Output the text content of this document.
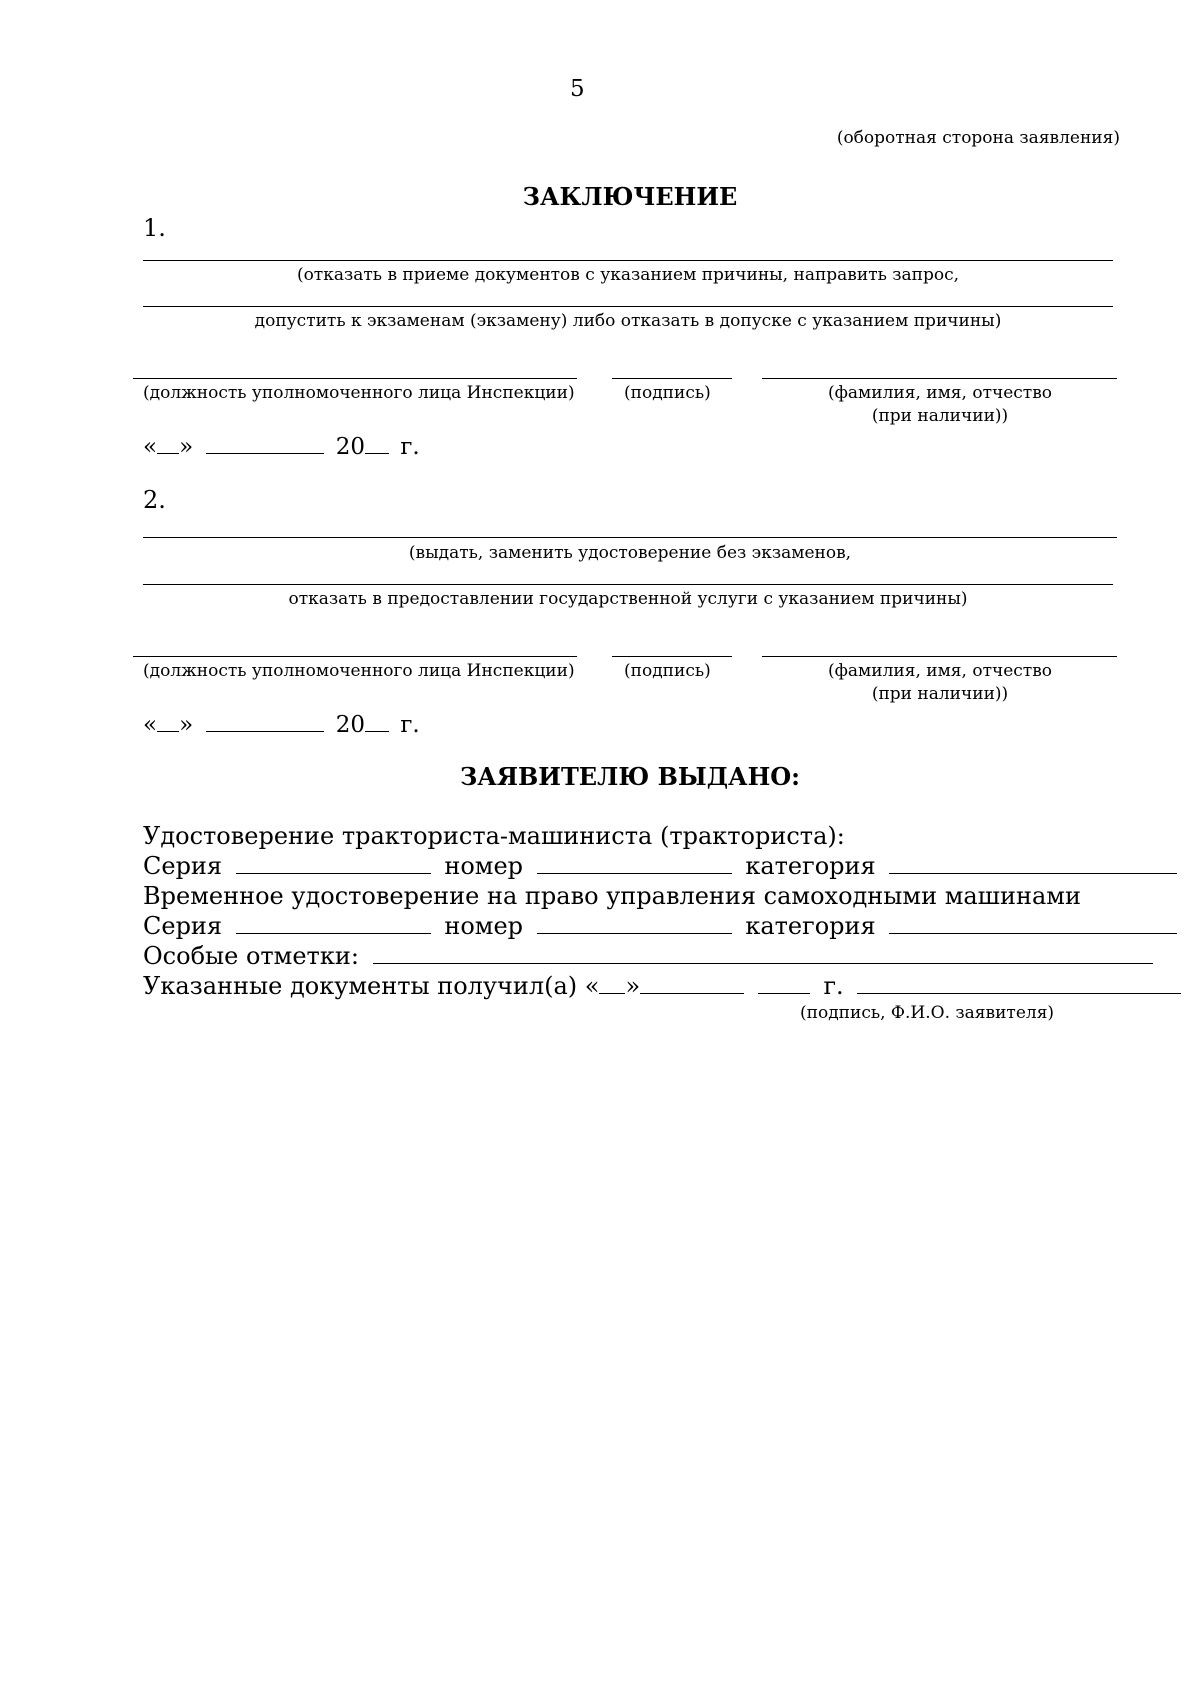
5
(оборотная сторона заявления)
ЗАКЛЮЧЕНИЕ
1.
(отказать в приеме документов с указанием причины, направить запрос,
допустить к экзаменам (экзамену) либо отказать в допуске с указанием причины)
(должность уполномоченного лица Инспекции)	(подпись)	(фамилия, имя, отчество
(при наличии))
« »	20 г.
2.
(выдать, заменить удостоверение без экзаменов,
отказать в предоставлении государственной услуги с указанием причины)
(должность уполномоченного лица Инспекции)	(подпись)	(фамилия, имя, отчество
(при наличии))
« »	20 г.
ЗАЯВИТЕЛЮ ВЫДАНО:
Удостоверение тракториста-машиниста (тракториста):
Серия	номер	категория
Временное удостоверение на право управления самоходными машинами
Серия	номер	категория
Особые отметки:
Указанные документы получил(а) « »	г.
(подпись, Ф.И.О. заявителя)
